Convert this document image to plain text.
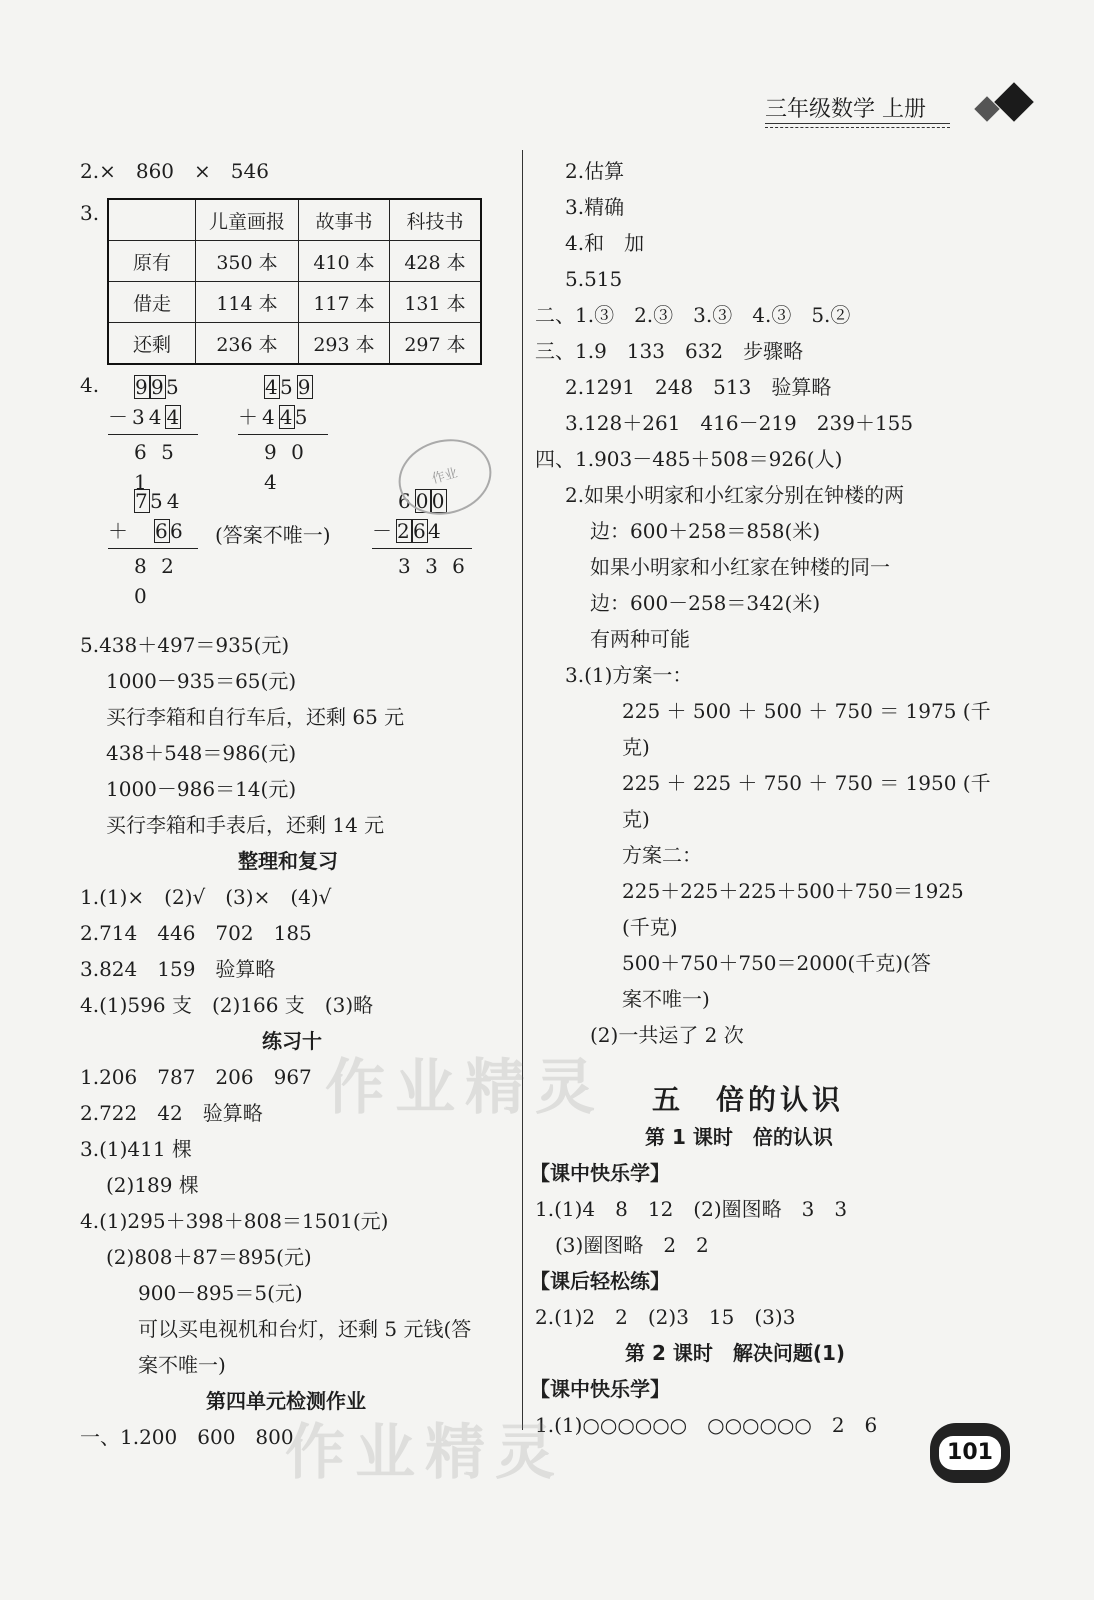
三年级数学 上册
2.×　860　×　546
3.
		儿童画报	故事书	科技书
原有	350 本	410 本	428 本
借走	114 本	117 本	131 本
还剩	236 本	293 本	297 本
4.	995
－344
6 5 1
459
＋445
9 0 4
754
＋ 66
8 2 0
(答案不唯一)
600
－264
3 3 6
作业
5.438＋497＝935(元)
1000－935＝65(元)
买行李箱和自行车后，还剩 65 元
438＋548＝986(元)
1000－986＝14(元)
买行李箱和手表后，还剩 14 元
整理和复习
1.(1)×　(2)√　(3)×　(4)√
2.714　446　702　185
3.824　159　验算略
4.(1)596 支　(2)166 支　(3)略
练习十
1.206　787　206　967
2.722　42　验算略
3.(1)411 棵
(2)189 棵
4.(1)295＋398＋808＝1501(元)
(2)808＋87＝895(元)
900－895＝5(元)
可以买电视机和台灯，还剩 5 元钱(答
案不唯一)
第四单元检测作业
一、1.200　600　800
2.估算
3.精确
4.和　加
5.515
二、1.③　2.③　3.③　4.③　5.②
三、1.9　133　632　步骤略
2.1291　248　513　验算略
3.128＋261　416－219　239＋155
四、1.903－485＋508＝926(人)
2.如果小明家和小红家分别在钟楼的两
边：600＋258＝858(米)
如果小明家和小红家在钟楼的同一
边：600－258＝342(米)
有两种可能
3.(1)方案一：
225 ＋ 500 ＋ 500 ＋ 750 ＝ 1975 (千
克)
225 ＋ 225 ＋ 750 ＋ 750 ＝ 1950 (千
克)
方案二：
225＋225＋225＋500＋750＝1925
(千克)
500＋750＋750＝2000(千克)(答
案不唯一)
(2)一共运了 2 次
五　倍的认识
第 1 课时　倍的认识
【课中快乐学】
1.(1)4　8　12　(2)圈图略　3　3
(3)圈图略　2　2
【课后轻松练】
2.(1)2　2　(2)3　15　(3)3
第 2 课时　解决问题(1)
【课中快乐学】
1.(1)○○○○○○　○○○○○○　2　6
作业精灵
作业精灵	101
